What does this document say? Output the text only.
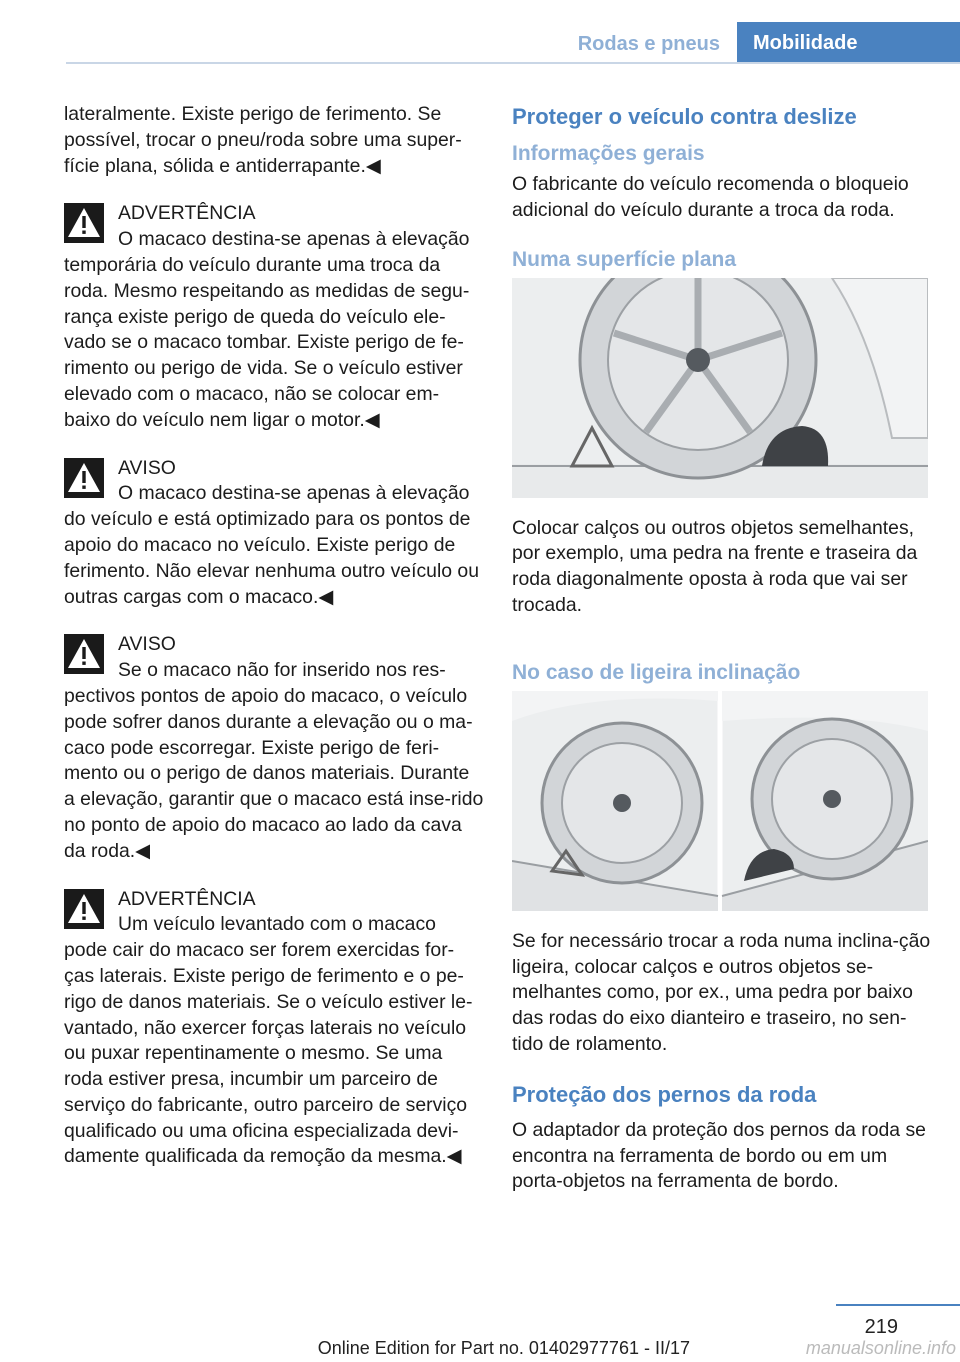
Rodas e pneus	Mobilidade

lateralmente. Existe perigo de ferimento. Se possível, trocar o pneu/roda sobre uma super‐fície plana, sólida e antiderrapante.◀

ADVERTÊNCIA
O macaco destina-se apenas à elevação temporária do veículo durante uma troca da roda. Mesmo respeitando as medidas de segu‐rança existe perigo de queda do veículo ele‐vado se o macaco tombar. Existe perigo de fe‐rimento ou perigo de vida. Se o veículo estiver elevado com o macaco, não se colocar em‐baixo do veículo nem ligar o motor.◀
AVISO
O macaco destina-se apenas à elevação do veículo e está optimizado para os pontos de apoio do macaco no veículo. Existe perigo de ferimento. Não elevar nenhuma outro veículo ou outras cargas com o macaco.◀
AVISO
Se o macaco não for inserido nos res‐pectivos pontos de apoio do macaco, o veículo pode sofrer danos durante a elevação ou o ma‐caco pode escorregar. Existe perigo de feri‐mento ou o perigo de danos materiais. Durante a elevação, garantir que o macaco está inse‐rido no ponto de apoio do macaco ao lado da cava da roda.◀
ADVERTÊNCIA
Um veículo levantado com o macaco pode cair do macaco ser forem exercidas for‐ças laterais. Existe perigo de ferimento e o pe‐rigo de danos materiais. Se o veículo estiver le‐vantado, não exercer forças laterais no veículo ou puxar repentinamente o mesmo. Se uma roda estiver presa, incumbir um parceiro de serviço do fabricante, outro parceiro de serviço qualificado ou uma oficina especializada devi‐damente qualificada da remoção da mesma.◀
Proteger o veículo contra deslize
Informações gerais

O fabricante do veículo recomenda o bloqueio adicional do veículo durante a troca da roda.

Numa superfície plana

Colocar calços ou outros objetos semelhantes, por exemplo, uma pedra na frente e traseira da roda diagonalmente oposta à roda que vai ser trocada.

No caso de ligeira inclinação

Se for necessário trocar a roda numa inclina‐ção ligeira, colocar calços e outros objetos se‐melhantes como, por ex., uma pedra por baixo das rodas do eixo dianteiro e traseiro, no sen‐tido de rolamento.

Proteção dos pernos da roda

O adaptador da proteção dos pernos da roda se encontra na ferramenta de bordo ou em um porta-objetos na ferramenta de bordo.

219
Online Edition for Part no. 01402977761 - II/17	manualsonline.info
